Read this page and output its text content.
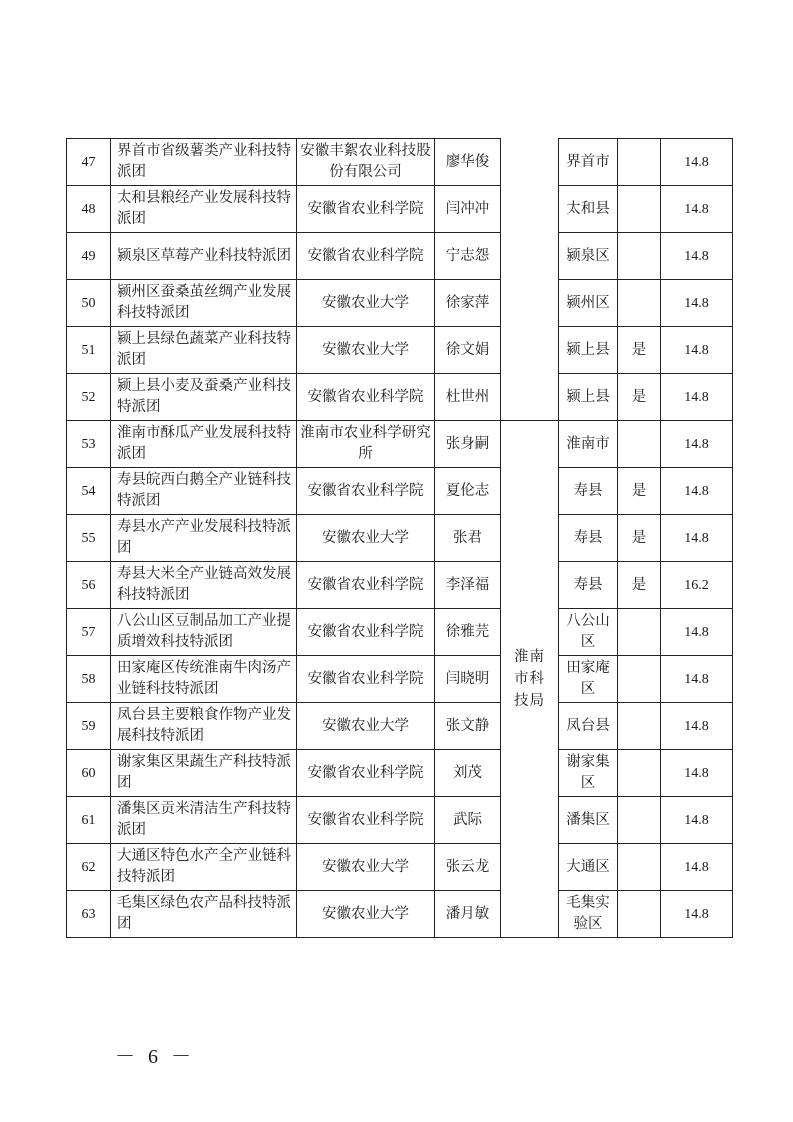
47	界首市省级薯类产业科技特派团	安徽丰絮农业科技股份有限公司	廖华俊		界首市		14.8
48	太和县粮经产业发展科技特派团	安徽省农业科学院	闫冲冲		太和县		14.8
49	颍泉区草莓产业科技特派团	安徽省农业科学院	宁志怨		颍泉区		14.8
50	颍州区蚕桑茧丝绸产业发展科技特派团	安徽农业大学	徐家萍		颍州区		14.8
51	颍上县绿色蔬菜产业科技特派团	安徽农业大学	徐文娟		颍上县	是	14.8
52	颍上县小麦及蚕桑产业科技特派团	安徽省农业科学院	杜世州		颍上县	是	14.8
53	淮南市酥瓜产业发展科技特派团	淮南市农业科学研究所	张身嗣	淮南市科技局	淮南市		14.8
54	寿县皖西白鹅全产业链科技特派团	安徽省农业科学院	夏伦志		寿县	是	14.8
55	寿县水产产业发展科技特派团	安徽农业大学	张君		寿县	是	14.8
56	寿县大米全产业链高效发展科技特派团	安徽省农业科学院	李泽福		寿县	是	16.2
57	八公山区豆制品加工产业提质增效科技特派团	安徽省农业科学院	徐雅芫		八公山区		14.8
58	田家庵区传统淮南牛肉汤产业链科技特派团	安徽省农业科学院	闫晓明		田家庵区		14.8
59	凤台县主要粮食作物产业发展科技特派团	安徽农业大学	张文静		凤台县		14.8
60	谢家集区果蔬生产科技特派团	安徽省农业科学院	刘茂		谢家集区		14.8
61	潘集区贡米清洁生产科技特派团	安徽省农业科学院	武际		潘集区		14.8
62	大通区特色水产全产业链科技特派团	安徽农业大学	张云龙		大通区		14.8
63	毛集区绿色农产品科技特派团	安徽农业大学	潘月敏		毛集实验区		14.8
－ 6 －
